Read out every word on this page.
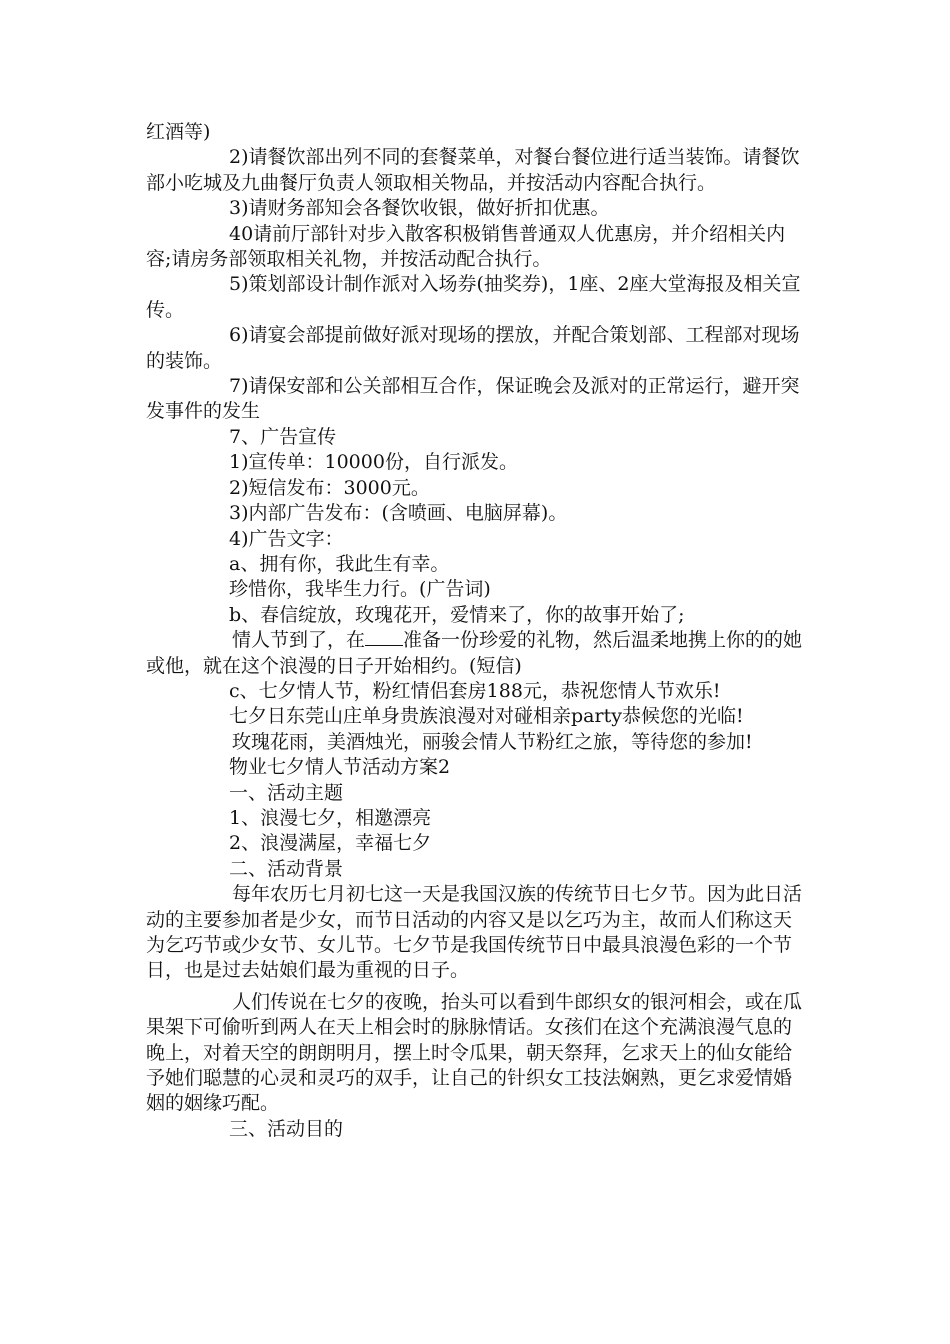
红酒等)

2)请餐饮部出列不同的套餐菜单，对餐台餐位进行适当装饰。请餐饮部小吃城及九曲餐厅负责人领取相关物品，并按活动内容配合执行。

3)请财务部知会各餐饮收银，做好折扣优惠。

40请前厅部针对步入散客积极销售普通双人优惠房，并介绍相关内容;请房务部领取相关礼物，并按活动配合执行。

5)策划部设计制作派对入场券(抽奖券)，1座、2座大堂海报及相关宣传。

6)请宴会部提前做好派对现场的摆放，并配合策划部、工程部对现场的装饰。

7)请保安部和公关部相互合作，保证晚会及派对的正常运行，避开突发事件的发生

7、广告宣传

1)宣传单：10000份，自行派发。

2)短信发布：3000元。

3)内部广告发布：(含喷画、电脑屏幕)。

4)广告文字：

a、拥有你，我此生有幸。

珍惜你，我毕生力行。(广告词)

b、春信绽放，玫瑰花开，爱情来了，你的故事开始了;

情人节到了，在 准备一份珍爱的礼物，然后温柔地携上你的的她或他，就在这个浪漫的日子开始相约。(短信)

c、七夕情人节，粉红情侣套房188元，恭祝您情人节欢乐!

七夕日东莞山庄单身贵族浪漫对对碰相亲party恭候您的光临!

玫瑰花雨，美酒烛光，丽骏会情人节粉红之旅，等待您的参加!

物业七夕情人节活动方案2

一、活动主题

1、浪漫七夕，相邀漂亮

2、浪漫满屋，幸福七夕

二、活动背景

每年农历七月初七这一天是我国汉族的传统节日七夕节。因为此日活动的主要参加者是少女，而节日活动的内容又是以乞巧为主，故而人们称这天为乞巧节或少女节、女儿节。七夕节是我国传统节日中最具浪漫色彩的一个节日，也是过去姑娘们最为重视的日子。

人们传说在七夕的夜晚，抬头可以看到牛郎织女的银河相会，或在瓜果架下可偷听到两人在天上相会时的脉脉情话。女孩们在这个充满浪漫气息的晚上，对着天空的朗朗明月，摆上时令瓜果，朝天祭拜，乞求天上的仙女能给予她们聪慧的心灵和灵巧的双手，让自己的针织女工技法娴熟，更乞求爱情婚姻的姻缘巧配。

三、活动目的
